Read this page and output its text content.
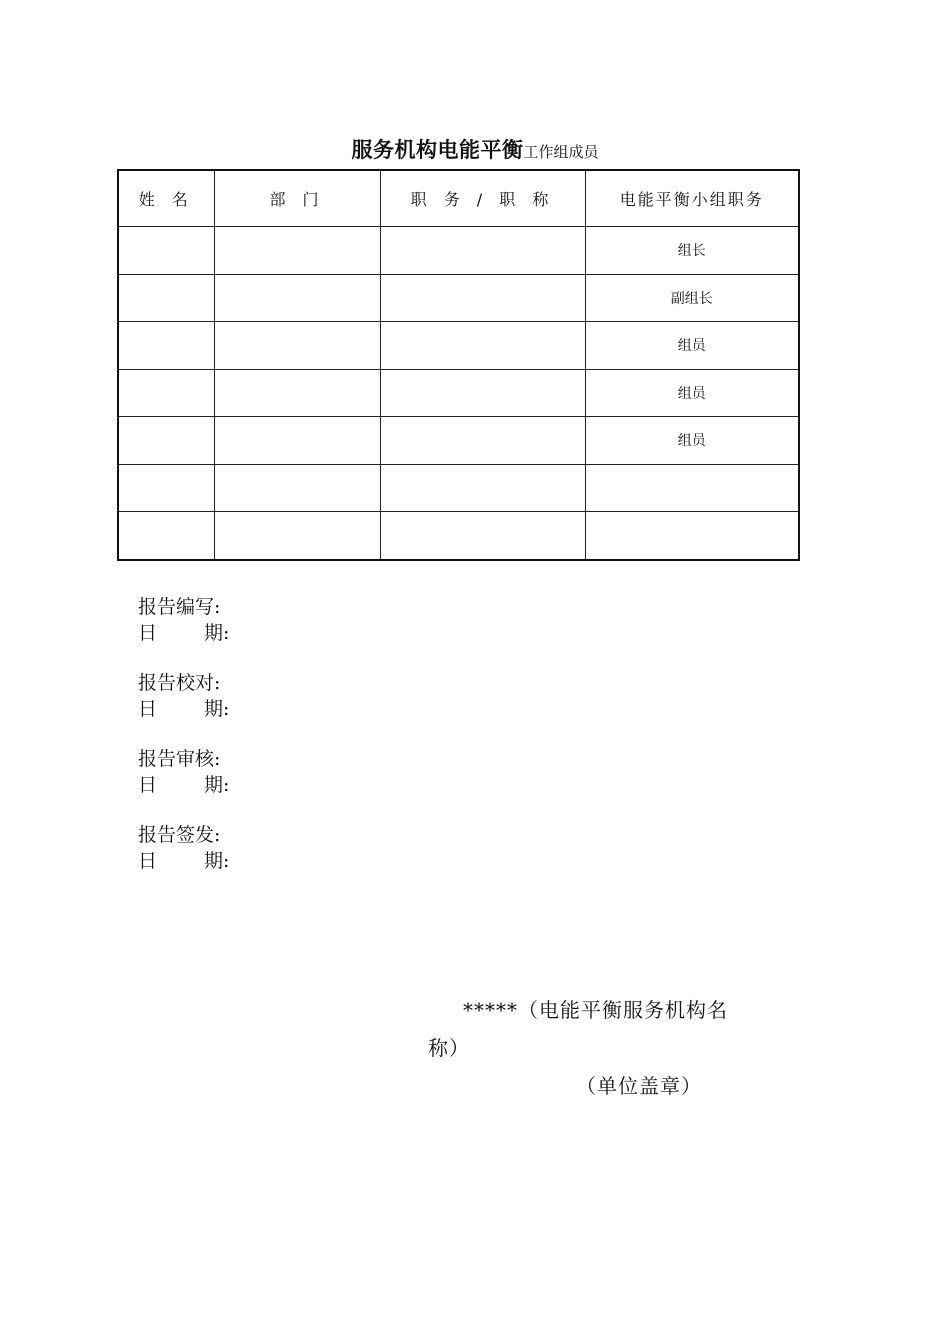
服务机构电能平衡工作组成员
姓 名	部 门	职 务 / 职 称	电能平衡小组职务
			组长
			副组长
			组员
			组员
			组员

报告编写:
日 期:
报告校对:
日 期:
报告审核:
日 期:
报告签发:
日 期:
*****（电能平衡服务机构名
称）
（单位盖章）
